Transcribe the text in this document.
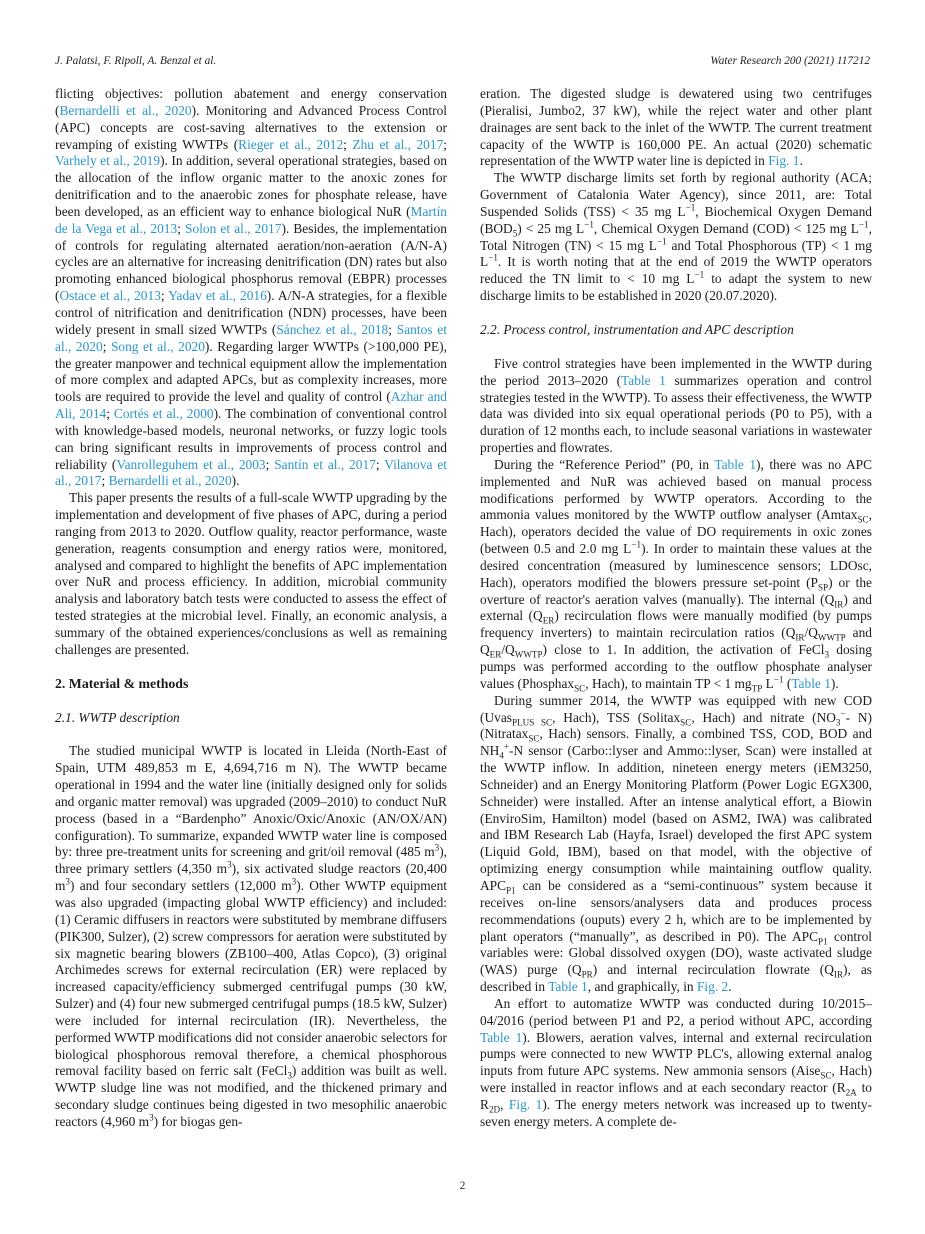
J. Palatsi, F. Ripoll, A. Benzal et al.	Water Research 200 (2021) 117212

flicting objectives: pollution abatement and energy conservation (Bernardelli et al., 2020). Monitoring and Advanced Process Control (APC) concepts are cost-saving alternatives to the extension or revamping of existing WWTPs (Rieger et al., 2012; Zhu et al., 2017; Varhely et al., 2019). In addition, several operational strategies, based on the allocation of the inflow organic matter to the anoxic zones for denitrification and to the anaerobic zones for phosphate release, have been developed, as an efficient way to enhance biological NuR (Martín de la Vega et al., 2013; Solon et al., 2017). Besides, the implementation of controls for regulating alternated aeration/non-aeration (A/N-A) cycles are an alternative for increasing denitrification (DN) rates but also promoting enhanced biological phosphorus removal (EBPR) processes (Ostace et al., 2013; Yadav et al., 2016). A/N-A strategies, for a flexible control of nitrification and denitrification (NDN) processes, have been widely present in small sized WWTPs (Sánchez et al., 2018; Santos et al., 2020; Song et al., 2020). Regarding larger WWTPs (>100,000 PE), the greater manpower and technical equipment allow the implementation of more complex and adapted APCs, but as complexity increases, more tools are required to provide the level and quality of control (Azhar and Ali, 2014; Cortés et al., 2000). The combination of conventional control with knowledge-based models, neuronal networks, or fuzzy logic tools can bring significant results in improvements of process control and reliability (Vanrolleguhem et al., 2003; Santín et al., 2017; Vilanova et al., 2017; Bernardelli et al., 2020).

This paper presents the results of a full-scale WWTP upgrading by the implementation and development of five phases of APC, during a period ranging from 2013 to 2020. Outflow quality, reactor performance, waste generation, reagents consumption and energy ratios were, monitored, analysed and compared to highlight the benefits of APC implementation over NuR and process efficiency. In addition, microbial community analysis and laboratory batch tests were conducted to assess the effect of tested strategies at the microbial level. Finally, an economic analysis, a summary of the obtained experiences/conclusions as well as remaining challenges are presented.

2. Material & methods
2.1. WWTP description

The studied municipal WWTP is located in Lleida (North-East of Spain, UTM 489,853 m E, 4,694,716 m N). The WWTP became operational in 1994 and the water line (initially designed only for solids and organic matter removal) was upgraded (2009–2010) to conduct NuR process (based in a “Bardenpho” Anoxic/Oxic/Anoxic (AN/OX/AN) configuration). To summarize, expanded WWTP water line is composed by: three pre-treatment units for screening and grit/oil removal (485 $m^3$), three primary settlers (4,350 $m^3$), six activated sludge reactors (20,400 $m^3$) and four secondary settlers (12,000 $m^3$). Other WWTP equipment was also upgraded (impacting global WWTP efficiency) and included: (1) Ceramic diffusers in reactors were substituted by membrane diffusers (PIK300, Sulzer), (2) screw compressors for aeration were substituted by six magnetic bearing blowers (ZB100–400, Atlas Copco), (3) original Archimedes screws for external recirculation (ER) were replaced by increased capacity/efficiency submerged centrifugal pumps (30 kW, Sulzer) and (4) four new submerged centrifugal pumps (18.5 kW, Sulzer) were included for internal recirculation (IR). Nevertheless, the performed WWTP modifications did not consider anaerobic selectors for biological phosphorous removal therefore, a chemical phosphorous removal facility based on ferric salt (FeCl$_3$) addition was built as well. WWTP sludge line was not modified, and the thickened primary and secondary sludge continues being digested in two mesophilic anaerobic reactors (4,960 $m^3$) for biogas gen-

eration. The digested sludge is dewatered using two centrifuges (Pieralisi, Jumbo2, 37 kW), while the reject water and other plant drainages are sent back to the inlet of the WWTP. The current treatment capacity of the WWTP is 160,000 PE. An actual (2020) schematic representation of the WWTP water line is depicted in Fig. 1.

The WWTP discharge limits set forth by regional authority (ACA; Government of Catalonia Water Agency), since 2011, are: Total Suspended Solids (TSS) < 35 mg $L^{-1}$, Biochemical Oxygen Demand $(BOD_5) < 25$ mg $L^{-1}$, Chemical Oxygen Demand (COD) < 125 mg $L^{-1}$, Total Nitrogen (TN) < 15 mg $L^{-1}$ and Total Phosphorous (TP) < 1 mg $L^{-1}$. It is worth noting that at the end of 2019 the WWTP operators reduced the TN limit to < 10 mg $L^{-1}$ to adapt the system to new discharge limits to be established in 2020 (20.07.2020).

2.2. Process control, instrumentation and APC description

Five control strategies have been implemented in the WWTP during the period 2013–2020 (Table 1 summarizes operation and control strategies tested in the WWTP). To assess their effectiveness, the WWTP data was divided into six equal operational periods (P0 to P5), with a duration of 12 months each, to include seasonal variations in wastewater properties and flowrates.

During the “Reference Period” (P0, in Table 1), there was no APC implemented and NuR was achieved based on manual process modifications performed by WWTP operators. According to the ammonia values monitored by the WWTP outflow analyser (Amtax$_{SC}$, Hach), operators decided the value of DO requirements in oxic zones (between 0.5 and 2.0 mg $L^{-1}$). In order to maintain these values at the desired concentration (measured by luminescence sensors; LDOsc, Hach), operators modified the blowers pressure set-point $(P_{SP})$ or the overture of reactor's aeration valves (manually). The internal $(Q_{IR})$ and external $(Q_{ER})$ recirculation flows were manually modified (by pumps frequency inverters) to maintain recirculation ratios ($Q_{IR}/Q_{WWTP}$ and $Q_{ER}/Q_{WWTP}$) close to 1. In addition, the activation of FeCl$_3$ dosing pumps was performed according to the outflow phosphate analyser values (Phosphax$_{SC}$, Hach), to maintain TP < 1 $mg_{TP}$ $L^{-1}$ (Table 1).

During summer 2014, the WWTP was equipped with new COD (Uvas$_{PLUS SC}$, Hach), TSS (Solitax$_{SC}$, Hach) and nitrate ($NO_3^--$ N) (Nitratax$_{SC}$, Hach) sensors. Finally, a combined TSS, COD, BOD and $NH_4^+-N$ sensor (Carbo::lyser and Ammo::lyser, Scan) were installed at the WWTP inflow. In addition, nineteen energy meters (iEM3250, Schneider) and an Energy Monitoring Platform (Power Logic EGX300, Schneider) were installed. After an intense analytical effort, a Biowin (EnviroSim, Hamilton) model (based on ASM2, IWA) was calibrated and IBM Research Lab (Hayfa, Israel) developed the first APC system (Liquid Gold, IBM), based on that model, with the objective of optimizing energy consumption while maintaining outflow quality. $APC_{P1}$ can be considered as a “semi-continuous” system because it receives on-line sensors/analysers data and produces process recommendations (ouputs) every 2 h, which are to be implemented by plant operators (“manually”, as described in P0). The $APC_{P1}$ control variables were: Global dissolved oxygen (DO), waste activated sludge (WAS) purge $(Q_{PR})$ and internal recirculation flowrate $(Q_{IR})$, as described in Table 1, and graphically, in Fig. 2.

An effort to automatize WWTP was conducted during 10/2015–04/2016 (period between P1 and P2, a period without APC, according Table 1). Blowers, aeration valves, internal and external recirculation pumps were connected to new WWTP PLC's, allowing external analog inputs from future APC systems. New ammonia sensors (Aise$_{SC}$, Hach) were installed in reactor inflows and at each secondary reactor ($R_{2A}$ to $R_{2D}$, Fig. 1). The energy meters network was increased up to twenty-seven energy meters. A complete de-

2
